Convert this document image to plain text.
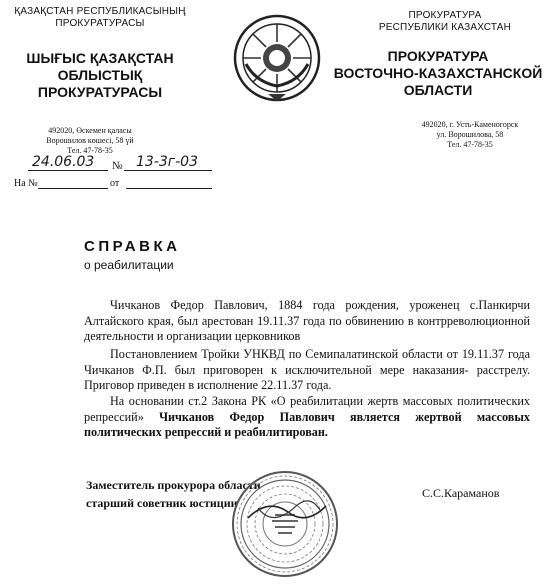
ҚАЗАҚСТАН РЕСПУБЛИКАСЫНЫҢ
ПРОКУРАТУРАСЫ
ШЫҒЫС ҚАЗАҚСТАН
ОБЛЫСТЫҚ
ПРОКУРАТУРАСЫ
ПРОКУРАТУРА
РЕСПУБЛИКИ КАЗАХСТАН
ПРОКУРАТУРА
ВОСТОЧНО-КАЗАХСТАНСКОЙ
ОБЛАСТИ
492020, Өскемен қаласы
Ворошилов көшесі, 58 үй
Тел. 47-78-35
492020, г. Усть-Каменогорск
ул. Ворошилова, 58
Тел. 47-78-35
24.06.03 № 13-3г-03
На №	от
СПРАВКА
о реабилитации
Чичканов Федор Павлович, 1884 года рождения, уроженец с.Панкирчи Алтайского края, был арестован 19.11.37 года по обвинению в контрреволюционной деятельности и организации церковников
Постановлением Тройки УНКВД по Семипалатинской области от 19.11.37 года Чичканов Ф.П. был приговорен к исключительной мере наказания- расстрелу. Приговор приведен в исполнение 22.11.37 года.
На основании ст.2 Закона РК «О реабилитации жертв массовых политических репрессий» Чичканов Федор Павлович является жертвой массовых политических репрессий и реабилитирован.
Заместитель прокурора области
старший советник юстиции
С.С.Караманов
